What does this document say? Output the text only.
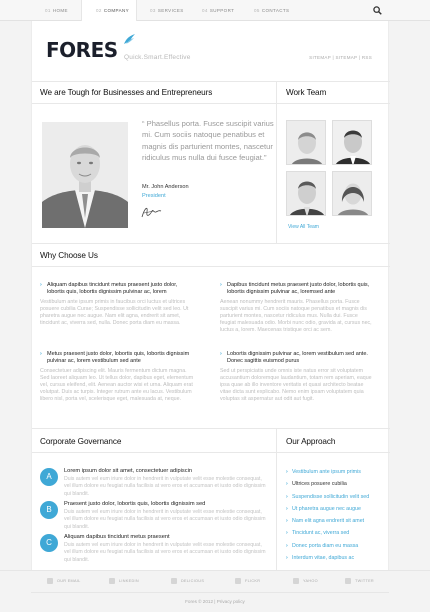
01 HOME	02 COMPANY	03 SERVICES	04 SUPPORT	05 CONTACTS
FORES Quick.Smart.Effective	SITEMAP | SITEMAP | RSS
We are Tough for Businesses and Entrepreneurs
“ Phasellus porta. Fusce suscipit varius mi. Cum sociis natoque penatibus et magnis dis parturient montes, nascetur ridiculus mus nulla dui fusce feugiat.”
Mr. John Anderson
President
Work Team
View All Team
Why Choose Us
› Aliquam dapibus tincidunt metus praesent justo dolor, lobortis quis, lobortis dignissim pulvinar ac, lorem
Vestibulum ante ipsum primis in faucibus orci luctus et ultrices posuere cubilia Curae; Suspendisse sollicitudin velit sed leo. Ut pharetra augue nec augue. Nam elit agna, endrerit sit amet, tincidunt ac, viverra sed, nulla. Donec porta diam eu massa.
› Dapibus tincidunt metus praesent justo dolor, lobortis quis, lobortis dignissim pulvinar ac, loremsed ante
Aenean nonummy hendrerit mauris. Phasellus porta. Fusce suscipit varius mi. Cum sociis natoque penatibus et magnis dis parturient montes, nascetur ridiculus mus. Nulla dui. Fusce feugiat malesuada odio. Morbi nunc odio, gravida at, cursus nec, luctus a, lorem. Maecenas tristique orci ac sem.
› Metus praesent justo dolor, lobortis quis, lobortis dignissim pulvinar ac, lorem vestibulum sed ante
Consectetuer adipiscing elit. Mauris fermentum dictum magna. Sed laoreet aliquam leo. Ut tellus dolor, dapibus eget, elementum vel, cursus eleifend, elit. Aenean auctor wisi et urna. Aliquam erat volutpat. Duis ac turpis. Integer rutrum ante eu lacus. Vestibulum libero nisl, porta vel, scelerisque eget, malesuada at, neque.
› Lobortis dignissim pulvinar ac, lorem vestibulum sed ante. Donec sagittis euismod purus
Sed ut perspiciatis unde omnis iste natus error sit voluptatem accusantium doloremque laudantium, totam rem aperiam, eaque ipsa quae ab illo inventore veritatis et quasi architecto beatae vitae dicta sunt explicabo. Nemo enim ipsam voluptatem quia voluptas sit aspernatur aut odit aut fugit.
Corporate Governance	Our Approach
A
Lorem ipsum dolor sit amet, consectetuer adipiscin
Duis autem vel eum iriure dolor in hendrerit in vulputate velit esse molestie consequat, vel illum dolore eu feugiat nulla facilisis at vero eros et accumsan et iusto odio dignissim qui blandit.
B
Praesent justo dolor, lobortis quis, lobortis dignissim sed
Duis autem vel eum iriure dolor in hendrerit in vulputate velit esse molestie consequat, vel illum dolore eu feugiat nulla facilisis at vero eros et accumsan et iusto odio dignissim qui blandit.
C
Aliquam dapibus tincidunt metus praesent
Duis autem vel eum iriure dolor in hendrerit in vulputate velit esse molestie consequat, vel illum dolore eu feugiat nulla facilisis at vero eros et accumsan et iusto odio dignissim qui blandit.
› Vestibulum ante ipsum primis
› Ultrices posuere cubilia
› Suspendisse sollicitudin velit sed
› Ut pharetra augue nec augue
› Nam elit agna endrerit sit amet
› Tincidunt ac, viverra sed
› Donec porta diam eu massa
› Interdum vitae, dapibus ac
OUR EMAIL	LINKEDIN	DELICIOUS	FLICKR	YAHOO	TWITTER
Fores © 2012 | Privacy policy
